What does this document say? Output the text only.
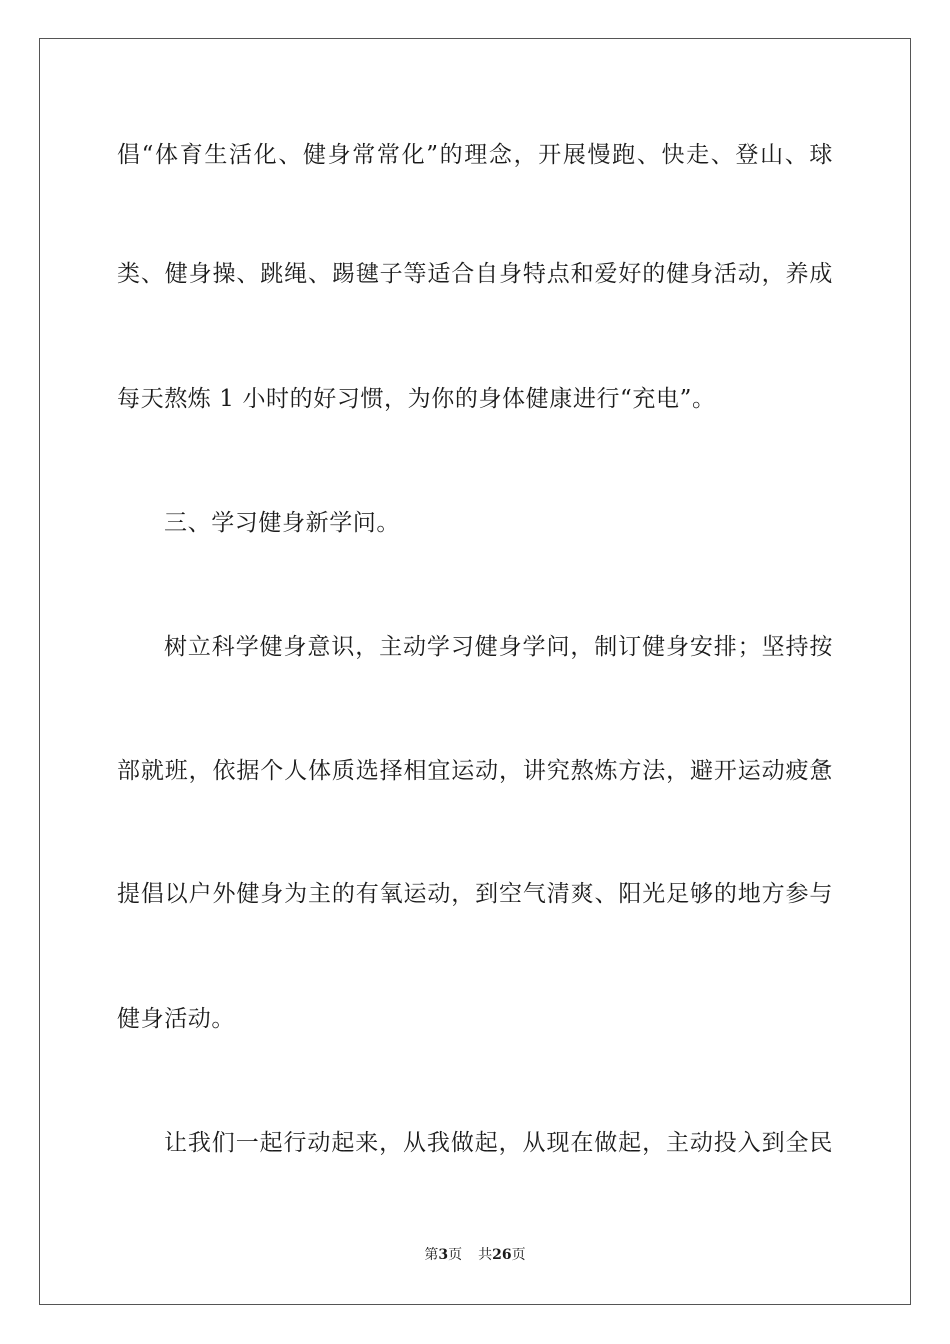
倡“体育生活化、健身常常化”的理念，开展慢跑、快走、登山、球
类、健身操、跳绳、踢毽子等适合自身特点和爱好的健身活动，养成
每天熬炼 1 小时的好习惯，为你的身体健康进行“充电”。
三、学习健身新学问。
树立科学健身意识，主动学习健身学问，制订健身安排；坚持按
部就班，依据个人体质选择相宜运动，讲究熬炼方法，避开运动疲惫
提倡以户外健身为主的有氧运动，到空气清爽、阳光足够的地方参与
健身活动。
让我们一起行动起来，从我做起，从现在做起，主动投入到全民
第3页 共26页
